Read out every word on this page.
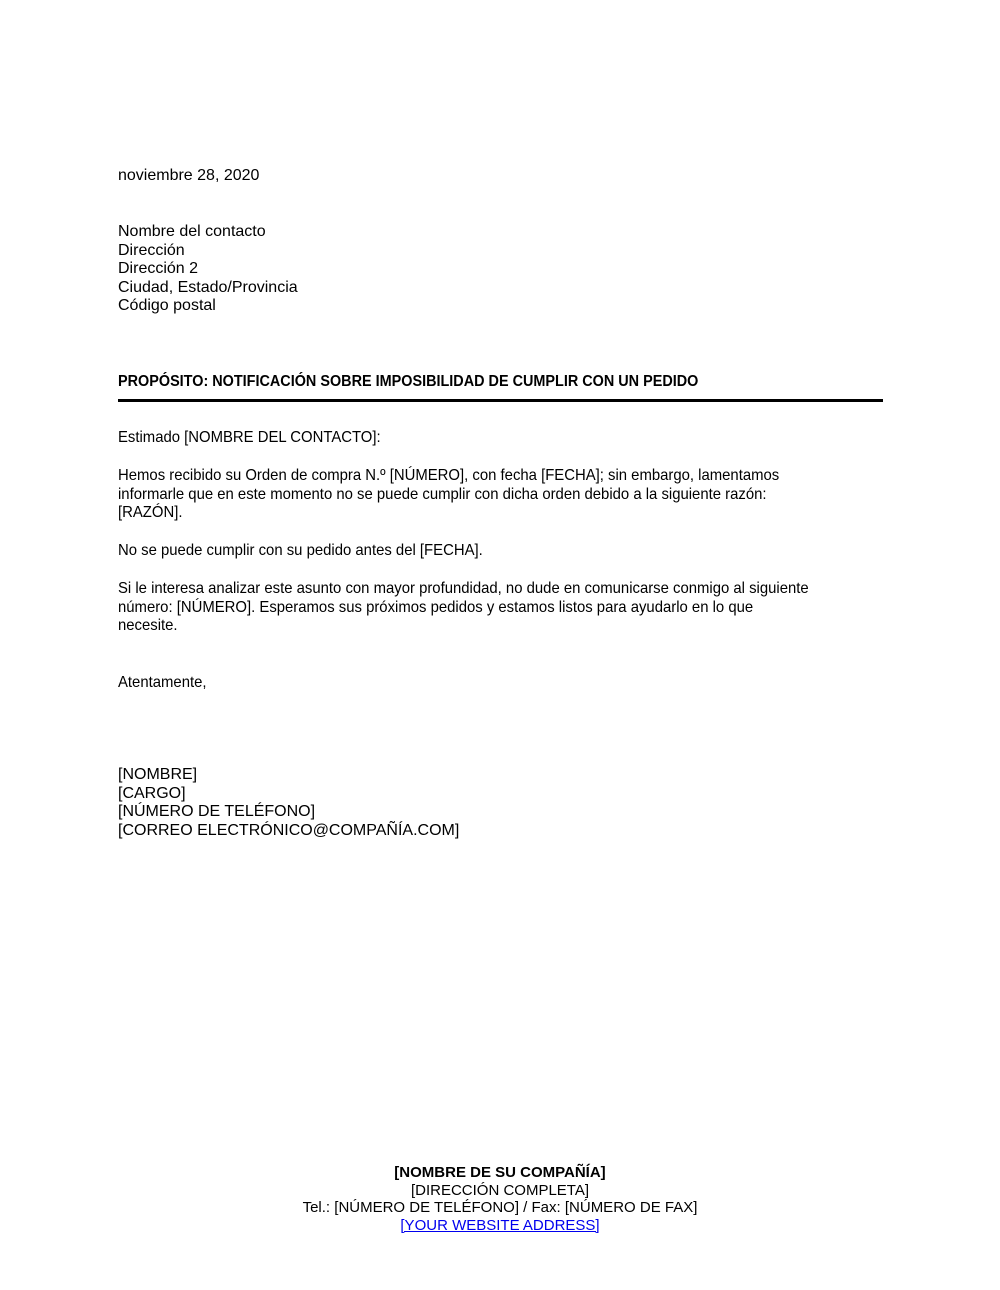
noviembre 28, 2020
Nombre del contacto
Dirección
Dirección 2
Ciudad, Estado/Provincia
Código postal
PROPÓSITO: NOTIFICACIÓN SOBRE IMPOSIBILIDAD DE CUMPLIR CON UN PEDIDO
Estimado [NOMBRE DEL CONTACTO]:
Hemos recibido su Orden de compra N.º [NÚMERO], con fecha [FECHA]; sin embargo, lamentamos
informarle que en este momento no se puede cumplir con dicha orden debido a la siguiente razón:
[RAZÓN].
No se puede cumplir con su pedido antes del [FECHA].
Si le interesa analizar este asunto con mayor profundidad, no dude en comunicarse conmigo al siguiente
número: [NÚMERO]. Esperamos sus próximos pedidos y estamos listos para ayudarlo en lo que
necesite.
Atentamente,
[NOMBRE]
[CARGO]
[NÚMERO DE TELÉFONO]
[CORREO ELECTRÓNICO@COMPAÑÍA.COM]
[NOMBRE DE SU COMPAÑÍA]
[DIRECCIÓN COMPLETA]
Tel.: [NÚMERO DE TELÉFONO] / Fax: [NÚMERO DE FAX]
[YOUR WEBSITE ADDRESS]
